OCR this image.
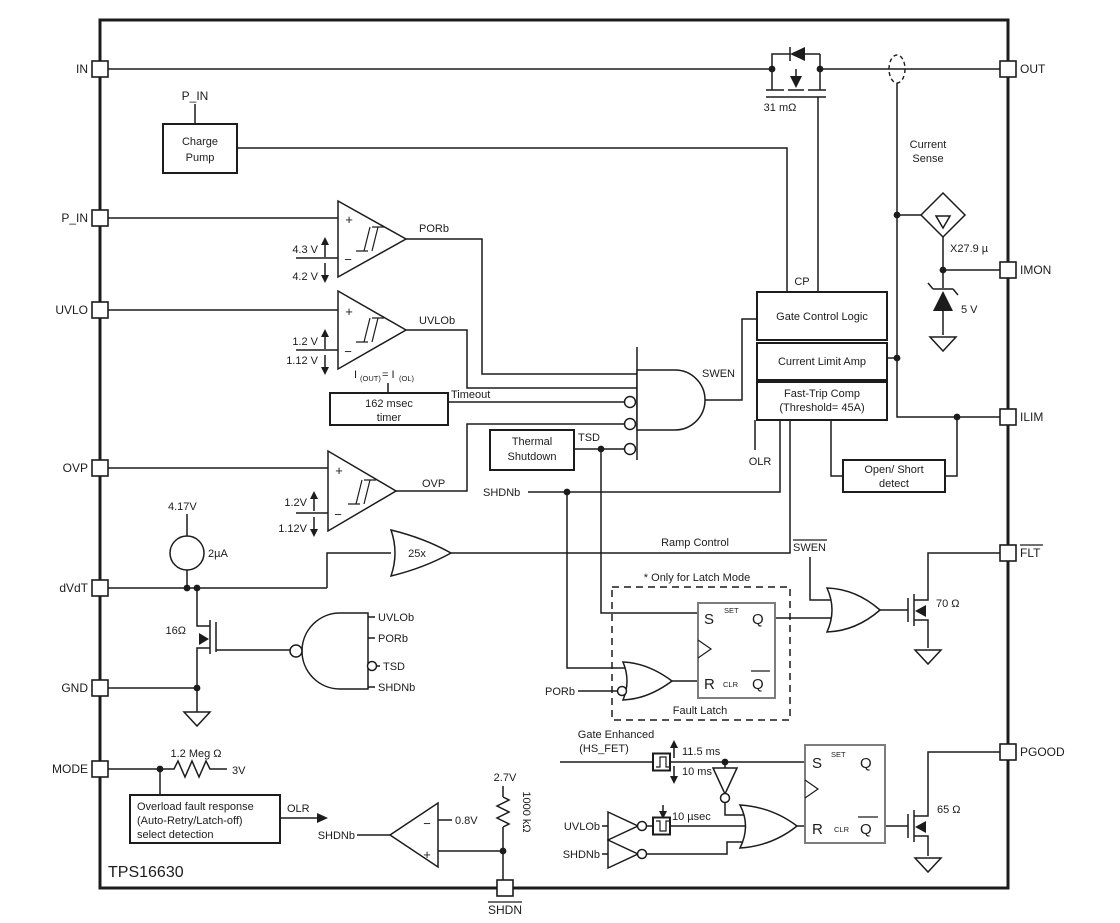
IN
P_IN
UVLO
OVP
dVdT
GND
MODE
OUT
IMON
ILIM
FLT
PGOOD
SHDN
TPS16630
P_IN
Charge
Pump
31 mΩ
CP
Current
Sense
X27.9 µ
5 V
+
−
4.3 V
4.2 V
PORb
+
−
1.2 V
1.12 V
UVLOb
I (OUT) = I (OL)
162 msec
timer
Timeout
Thermal
Shutdown
TSD
SWEN
Gate Control Logic
Current Limit Amp
Fast-Trip Comp
(Threshold= 45A)
OLR
Open/ Short
detect
+
−
1.2V
1.12V
OVP
4.17V
2µA	25x
Ramp Control
16Ω
UVLOb
PORb
TSD
SHDNb
SHDNb
* Only for Latch Mode
Fault Latch
S
SET
Q
R CLR Q
PORb
SWEN
70 Ω
1.2 Meg Ω
3V
Overload fault response
(Auto-Retry/Latch-off)
select detection
OLR
SHDNb
−
+
0.8V
2.7V
1000 kΩ
Gate Enhanced
(HS_FET)	11.5 ms
10 ms
10 µsec
UVLOb
SHDNb
S
SET
Q
R CLR Q
65 Ω
